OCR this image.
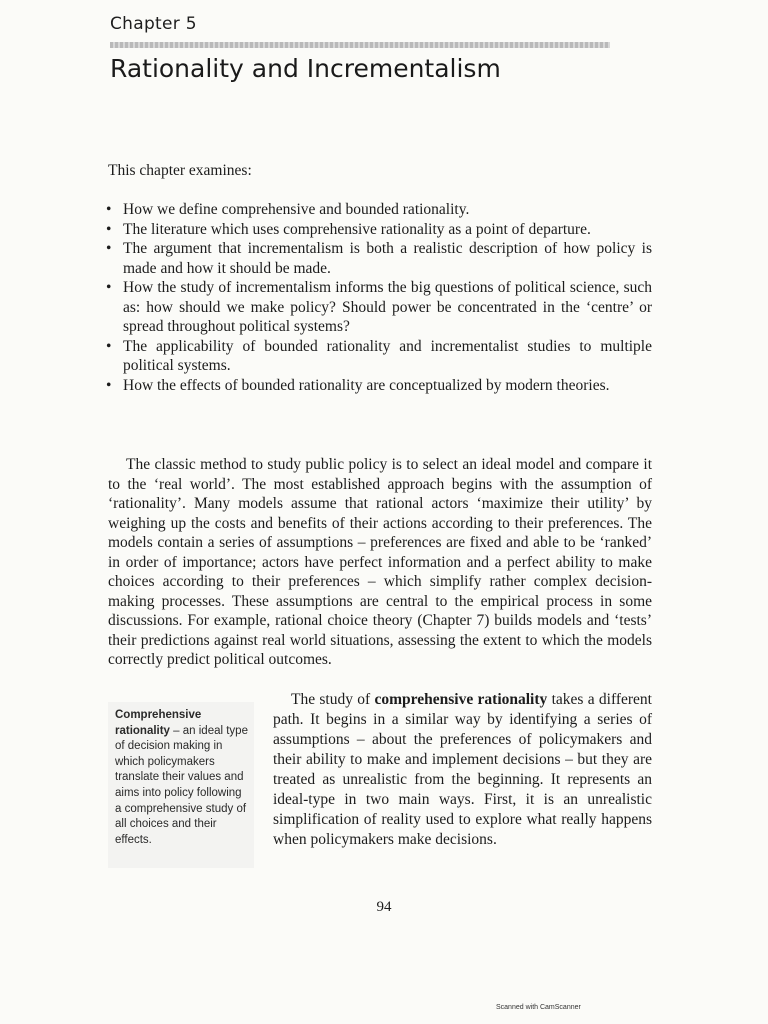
Chapter 5
Rationality and Incrementalism
This chapter examines:
• How we define comprehensive and bounded rationality.
• The literature which uses comprehensive rationality as a point of departure.
• The argument that incrementalism is both a realistic description of how policy is made and how it should be made.
• How the study of incrementalism informs the big questions of political science, such as: how should we make policy? Should power be concentrated in the ‘centre’ or spread throughout political systems?
• The applicability of bounded rationality and incrementalist studies to multiple political systems.
• How the effects of bounded rationality are conceptualized by modern theories.

The classic method to study public policy is to select an ideal model and compare it to the ‘real world’. The most established approach begins with the assumption of ‘rationality’. Many models assume that rational actors ‘maximize their utility’ by weighing up the costs and benefits of their actions according to their preferences. The models contain a series of assumptions – preferences are fixed and able to be ‘ranked’ in order of importance; actors have perfect information and a perfect ability to make choices according to their preferences – which simplify rather complex decision-making processes. These assumptions are central to the empirical process in some discussions. For example, rational choice theory (Chapter 7) builds models and ‘tests’ their predictions against real world situations, assessing the extent to which the models correctly predict political outcomes.

Comprehensive rationality – an ideal type of decision making in which policymakers translate their values and aims into policy following a comprehensive study of all choices and their effects.

The study of comprehensive rationality takes a different path. It begins in a similar way by identifying a series of assumptions – about the preferences of policymakers and their ability to make and implement decisions – but they are treated as unrealistic from the beginning. It represents an ideal-type in two main ways. First, it is an unrealistic simplification of reality used to explore what really happens when policymakers make decisions.

94
Scanned with CamScanner
